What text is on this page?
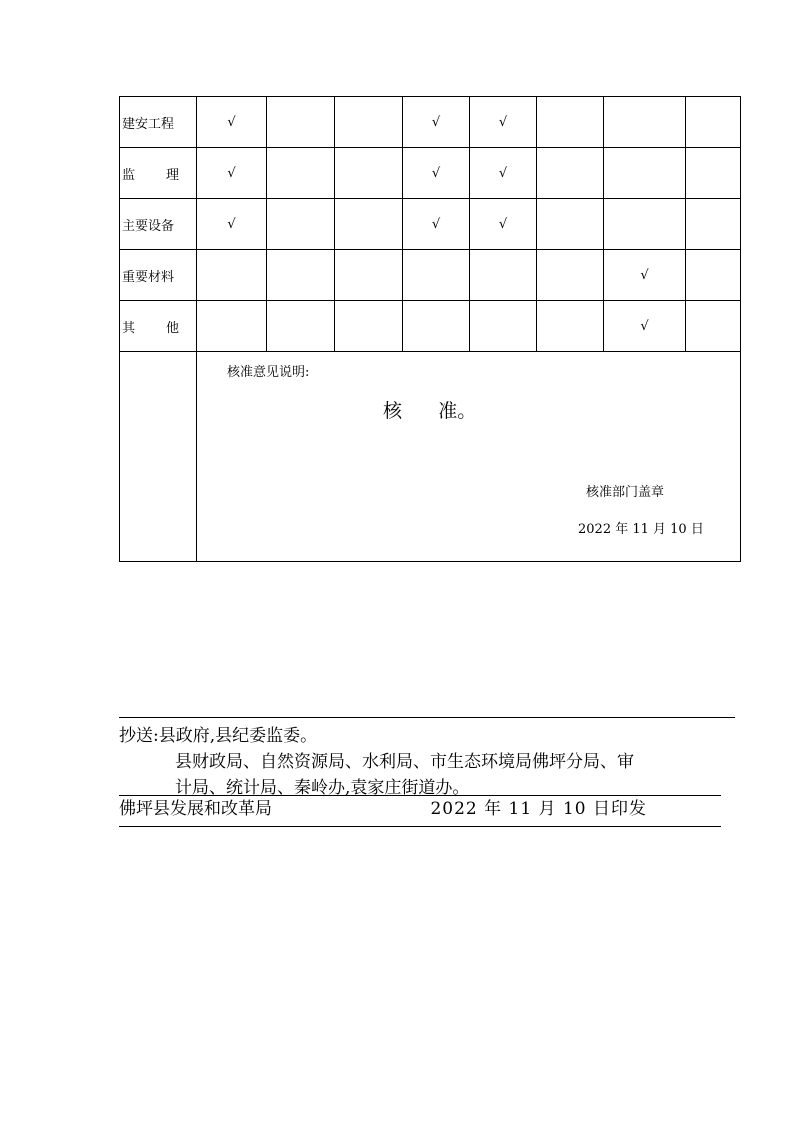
建安工程	√			√	√			

监 理	√			√	√			
主要设备	√			√	√			
重要材料							√	

其 他							√	

	核准意见说明:
核      准。
核准部门盖章
2022 年 11 月 10 日							
抄送:县政府,县纪委监委。
县财政局、自然资源局、水利局、市生态环境局佛坪分局、审
计局、统计局、秦岭办,袁家庄街道办。
佛坪县发展和改革局	2022 年 11 月 10 日印发
